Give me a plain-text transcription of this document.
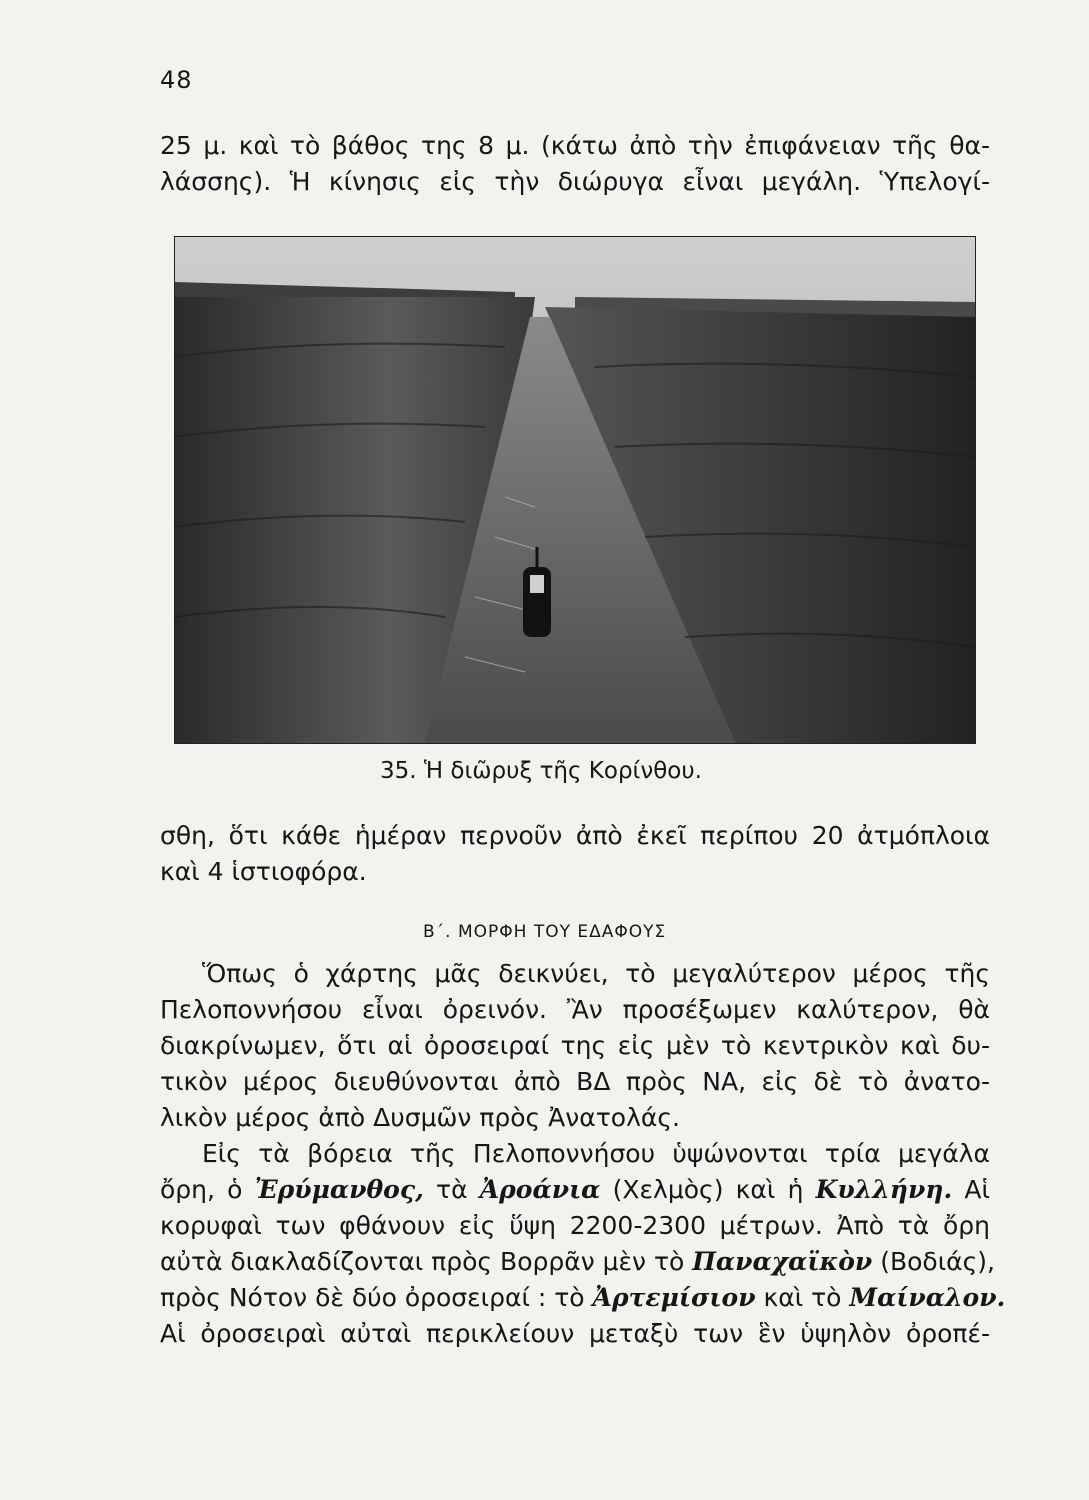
48

25 μ. καὶ τὸ βάθος της 8 μ. (κάτω ἀπὸ τὴν ἐπιφάνειαν τῆς θα-
λάσσης). Ἡ κίνησις εἰς τὴν διώρυγα εἶναι μεγάλη. Ὑπελογί-

35. Ἡ διῶρυξ τῆς Κορίνθου.

σθη, ὅτι κάθε ἡμέραν περνοῦν ἀπὸ ἐκεῖ περίπου 20 ἀτμόπλοια
καὶ 4 ἱστιοφόρα.

Β΄. ΜΟΡΦΗ ΤΟΥ ΕΔΑΦΟΥΣ

Ὅπως ὁ χάρτης μᾶς δεικνύει, τὸ μεγαλύτερον μέρος τῆς
Πελοποννήσου εἶναι ὀρεινόν. Ἂν προσέξωμεν καλύτερον, θὰ
διακρίνωμεν, ὅτι αἱ ὀροσειραί της εἰς μὲν τὸ κεντρικὸν καὶ δυ-
τικὸν μέρος διευθύνονται ἀπὸ ΒΔ πρὸς ΝΑ, εἰς δὲ τὸ ἀνατο-
λικὸν μέρος ἀπὸ Δυσμῶν πρὸς Ἀνατολάς.

Εἰς τὰ βόρεια τῆς Πελοποννήσου ὑψώνονται τρία μεγάλα
ὄρη, ὁ Ἐρύμανθος, τὰ Ἀροάνια (Χελμὸς) καὶ ἡ Κυλλήνη. Αἱ
κορυφαὶ των φθάνουν εἰς ὕψη 2200-2300 μέτρων. Ἀπὸ τὰ ὄρη
αὐτὰ διακλαδίζονται πρὸς Βορρᾶν μὲν τὸ Παναχαϊκὸν (Βοδιάς),
πρὸς Νότον δὲ δύο ὀροσειραί : τὸ Ἀρτεμίσιον καὶ τὸ Μαίναλον.
Αἱ ὀροσειραὶ αὐταὶ περικλείουν μεταξὺ των ἓν ὑψηλὸν ὀροπέ-
